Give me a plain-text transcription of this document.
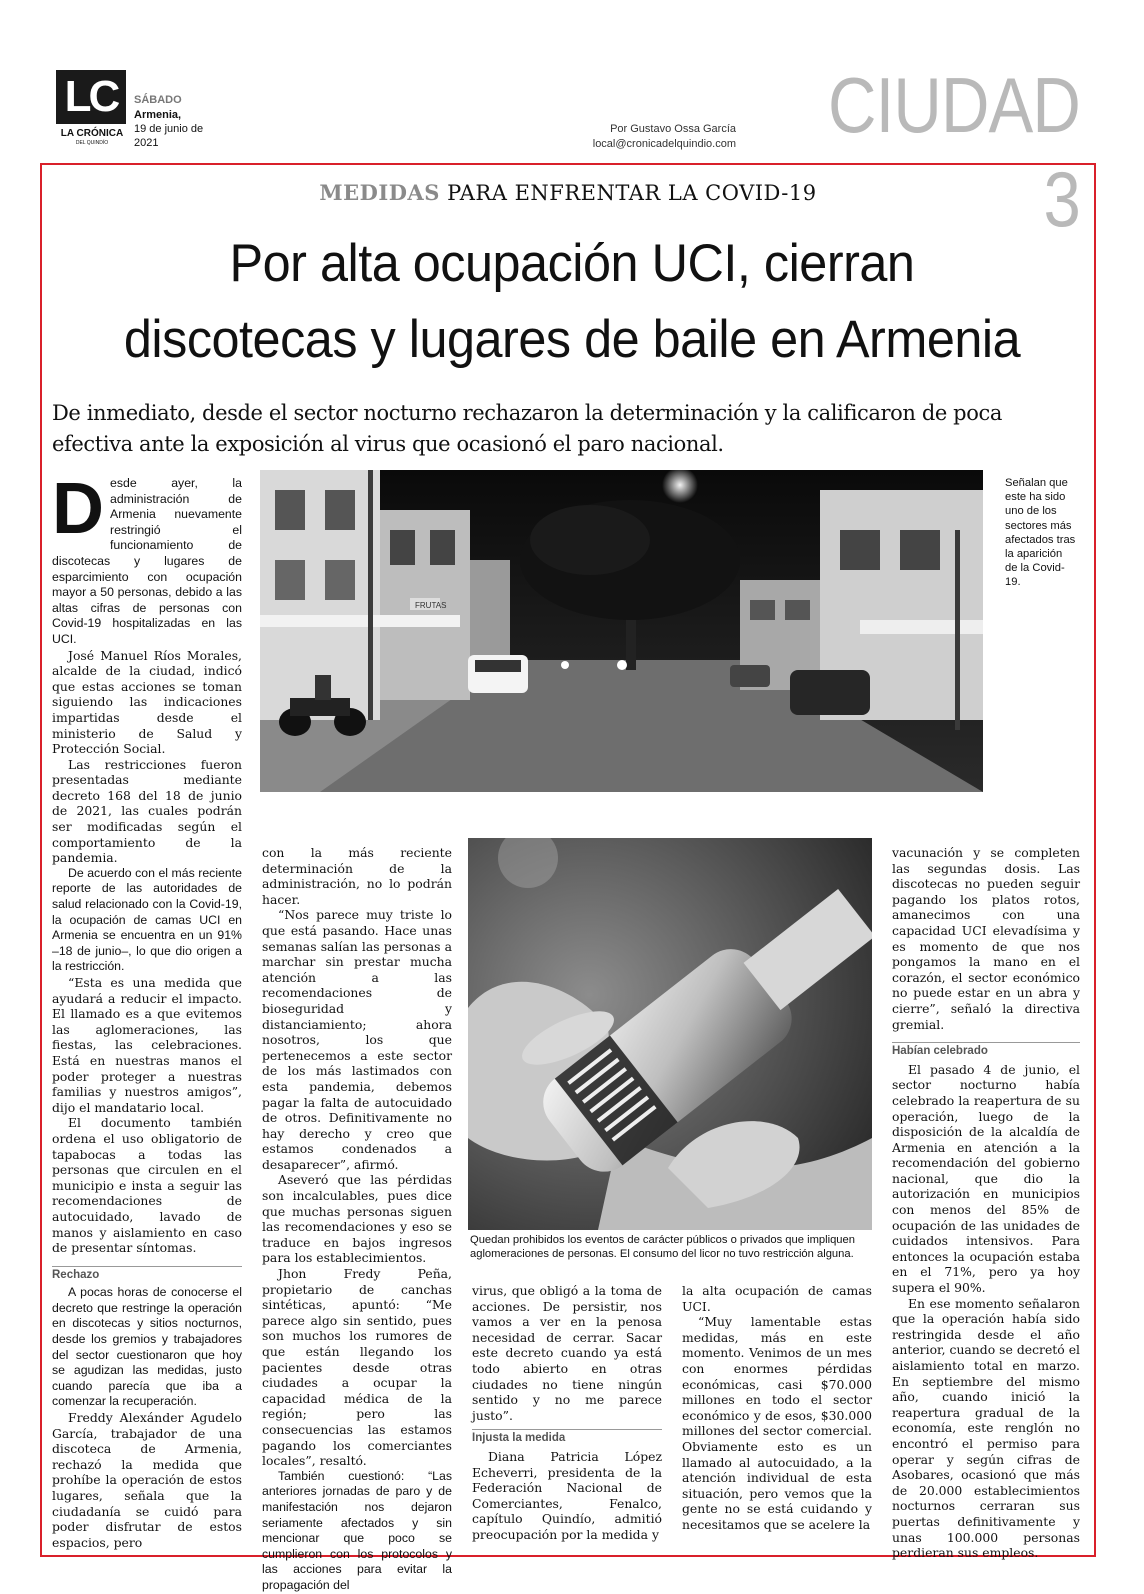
LC
LA CRÓNICA
DEL QUINDÍO
SÁBADO
Armenia,
19 de junio de 2021
Por Gustavo Ossa García
local@cronicadelquindio.com	CIUDAD 3
MEDIDAS PARA ENFRENTAR LA COVID-19
Por alta ocupación UCI, cierran
discotecas y lugares de baile en Armenia
De inmediato, desde el sector nocturno rechazaron la determinación y la calificaron de poca efectiva ante la exposición al virus que ocasionó el paro nacional.
FRUTAS
Señalan que este ha sido uno de los sectores más afectados tras la aparición de la Covid-19.
Quedan prohibidos los eventos de carácter públicos o privados que impliquen aglomeraciones de personas. El consumo del licor no tuvo restricción alguna.
D esde ayer, la administración de Armenia nuevamente restringió el funcionamiento de discotecas y lugares de esparcimiento con ocupación mayor a 50 personas, debido a las altas cifras de personas con Covid-19 hospitalizadas en las UCI.

José Manuel Ríos Morales, alcalde de la ciudad, indicó que estas acciones se toman siguiendo las indicaciones impartidas desde el ministerio de Salud y Protección Social.

Las restricciones fueron presentadas mediante decreto 168 del 18 de junio de 2021, las cuales podrán ser modificadas según el comportamiento de la pandemia.

De acuerdo con el más reciente reporte de las autoridades de salud relacionado con la Covid-19, la ocupación de camas UCI en Armenia se encuentra en un 91% –18 de junio–, lo que dio origen a la restricción.

“Esta es una medida que ayudará a reducir el impacto. El llamado es a que evitemos las aglomeraciones, las fiestas, las celebraciones. Está en nuestras manos el poder proteger a nuestras familias y nuestros amigos”, dijo el mandatario local.

El documento también ordena el uso obligatorio de tapabocas a todas las personas que circulen en el municipio e insta a seguir las recomendaciones de autocuidado, lavado de manos y aislamiento en caso de presentar síntomas.

Rechazo

A pocas horas de conocerse el decreto que restringe la operación en discotecas y sitios nocturnos, desde los gremios y trabajadores del sector cuestionaron que hoy se agudizan las medidas, justo cuando parecía que iba a comenzar la recuperación.

Freddy Alexánder Agudelo García, trabajador de una discoteca de Armenia, rechazó la medida que prohíbe la operación de estos lugares, señala que la ciudadanía se cuidó para poder disfrutar de estos espacios, pero

con la más reciente determinación de la administración, no lo podrán hacer.

“Nos parece muy triste lo que está pasando. Hace unas semanas salían las personas a marchar sin prestar mucha atención a las recomendaciones de bioseguridad y distanciamiento; ahora nosotros, los que pertenecemos a este sector de los más lastimados con esta pandemia, debemos pagar la falta de autocuidado de otros. Definitivamente no hay derecho y creo que estamos condenados a desaparecer”, afirmó.

Aseveró que las pérdidas son incalculables, pues dice que muchas personas siguen las recomendaciones y eso se traduce en bajos ingresos para los establecimientos.

Jhon Fredy Peña, propietario de canchas sintéticas, apuntó: “Me parece algo sin sentido, pues son muchos los rumores de que están llegando los pacientes desde otras ciudades a ocupar la capacidad médica de la región; pero las consecuencias las estamos pagando los comerciantes locales”, resaltó.

También cuestionó: “Las anteriores jornadas de paro y de manifestación nos dejaron seriamente afectados y sin mencionar que poco se cumplieron con los protocolos y las acciones para evitar la propagación del

virus, que obligó a la toma de acciones. De persistir, nos vamos a ver en la penosa necesidad de cerrar. Sacar este decreto cuando ya está todo abierto en otras ciudades no tiene ningún sentido y no me parece justo”.

Injusta la medida

Diana Patricia López Echeverri, presidenta de la Federación Nacional de Comerciantes, Fenalco, capítulo Quindío, admitió preocupación por la medida y

la alta ocupación de camas UCI.

“Muy lamentable estas medidas, más en este momento. Venimos de un mes con enormes pérdidas económicas, casi $70.000 millones en todo el sector económico y de esos, $30.000 millones del sector comercial. Obviamente esto es un llamado al autocuidado, a la atención individual de esta situación, pero vemos que la gente no se está cuidando y necesitamos que se acelere la

vacunación y se completen las segundas dosis. Las discotecas no pueden seguir pagando los platos rotos, amanecimos con una capacidad UCI elevadísima y es momento de que nos pongamos la mano en el corazón, el sector económico no puede estar en un abra y cierre”, señaló la directiva gremial.

Habían celebrado

El pasado 4 de junio, el sector nocturno había celebrado la reapertura de su operación, luego de la disposición de la alcaldía de Armenia en atención a la recomendación del gobierno nacional, que dio la autorización en municipios con menos del 85% de ocupación de las unidades de cuidados intensivos. Para entonces la ocupación estaba en el 71%, pero ya hoy supera el 90%.

En ese momento señalaron que la operación había sido restringida desde el año anterior, cuando se decretó el aislamiento total en marzo. En septiembre del mismo año, cuando inició la reapertura gradual de la economía, este renglón no encontró el permiso para operar y según cifras de Asobares, ocasionó que más de 20.000 establecimientos nocturnos cerraran sus puertas definitivamente y unas 100.000 personas perdieran sus empleos.
